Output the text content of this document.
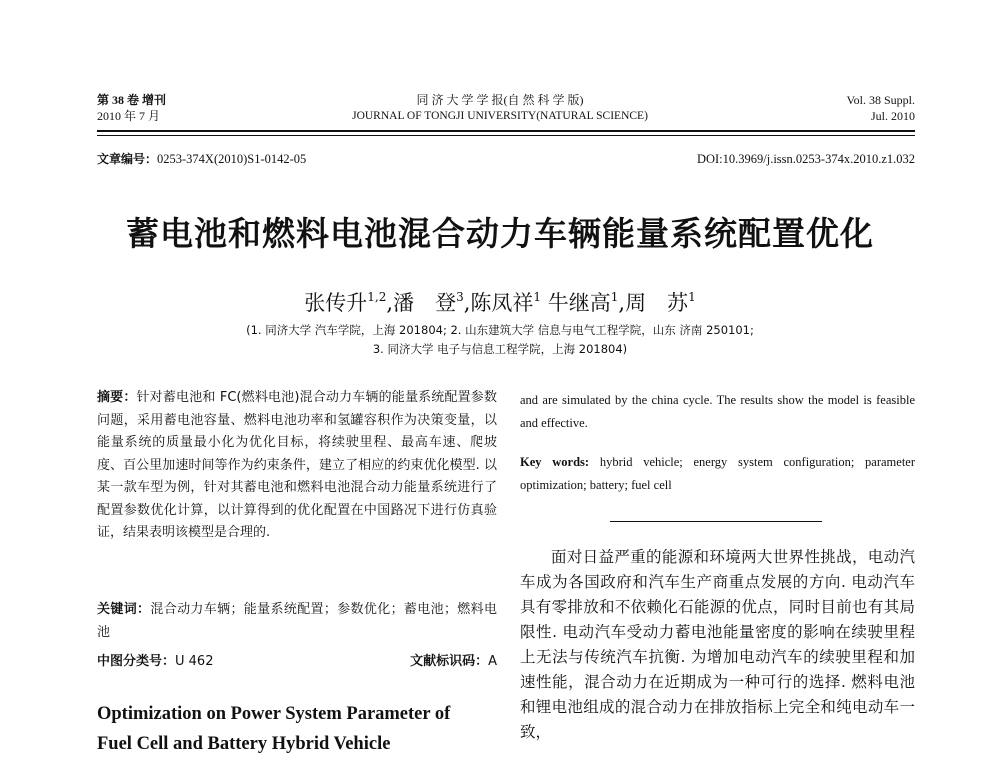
第 38 卷 增刊
2010 年 7 月
同 济 大 学 学 报(自 然 科 学 版)
JOURNAL OF TONGJI UNIVERSITY(NATURAL SCIENCE)
Vol. 38 Suppl.
Jul. 2010
文章编号：0253-374X(2010)S1-0142-05	DOI:10.3969/j.issn.0253-374x.2010.z1.032
蓄电池和燃料电池混合动力车辆能量系统配置优化
张传升$^{1,2}$,潘　登$^3$,陈凤祥$^1$ 牛继高$^1$,周　苏$^1$
(1. 同济大学 汽车学院，上海 201804; 2. 山东建筑大学 信息与电气工程学院，山东 济南 250101;
3. 同济大学 电子与信息工程学院，上海 201804)
摘要：针对蓄电池和 FC(燃料电池)混合动力车辆的能量系统配置参数问题，采用蓄电池容量、燃料电池功率和氢罐容积作为决策变量，以能量系统的质量最小化为优化目标，将续驶里程、最高车速、爬坡度、百公里加速时间等作为约束条件，建立了相应的约束优化模型. 以某一款车型为例，针对其蓄电池和燃料电池混合动力能量系统进行了配置参数优化计算，以计算得到的优化配置在中国路况下进行仿真验证，结果表明该模型是合理的.
关键词：混合动力车辆；能量系统配置；参数优化；蓄电池；燃料电池
中图分类号：U 462	文献标识码：A
Optimization on Power System Parameter of
Fuel Cell and Battery Hybrid Vehicle
and are simulated by the china cycle. The results show the model is feasible and effective.
Key words: hybrid vehicle; energy system configuration; parameter optimization; battery; fuel cell
面对日益严重的能源和环境两大世界性挑战，电动汽车成为各国政府和汽车生产商重点发展的方向. 电动汽车具有零排放和不依赖化石能源的优点，同时目前也有其局限性. 电动汽车受动力蓄电池能量密度的影响在续驶里程上无法与传统汽车抗衡. 为增加电动汽车的续驶里程和加速性能，混合动力在近期成为一种可行的选择. 燃料电池和锂电池组成的混合动力在排放指标上完全和纯电动车一致，
